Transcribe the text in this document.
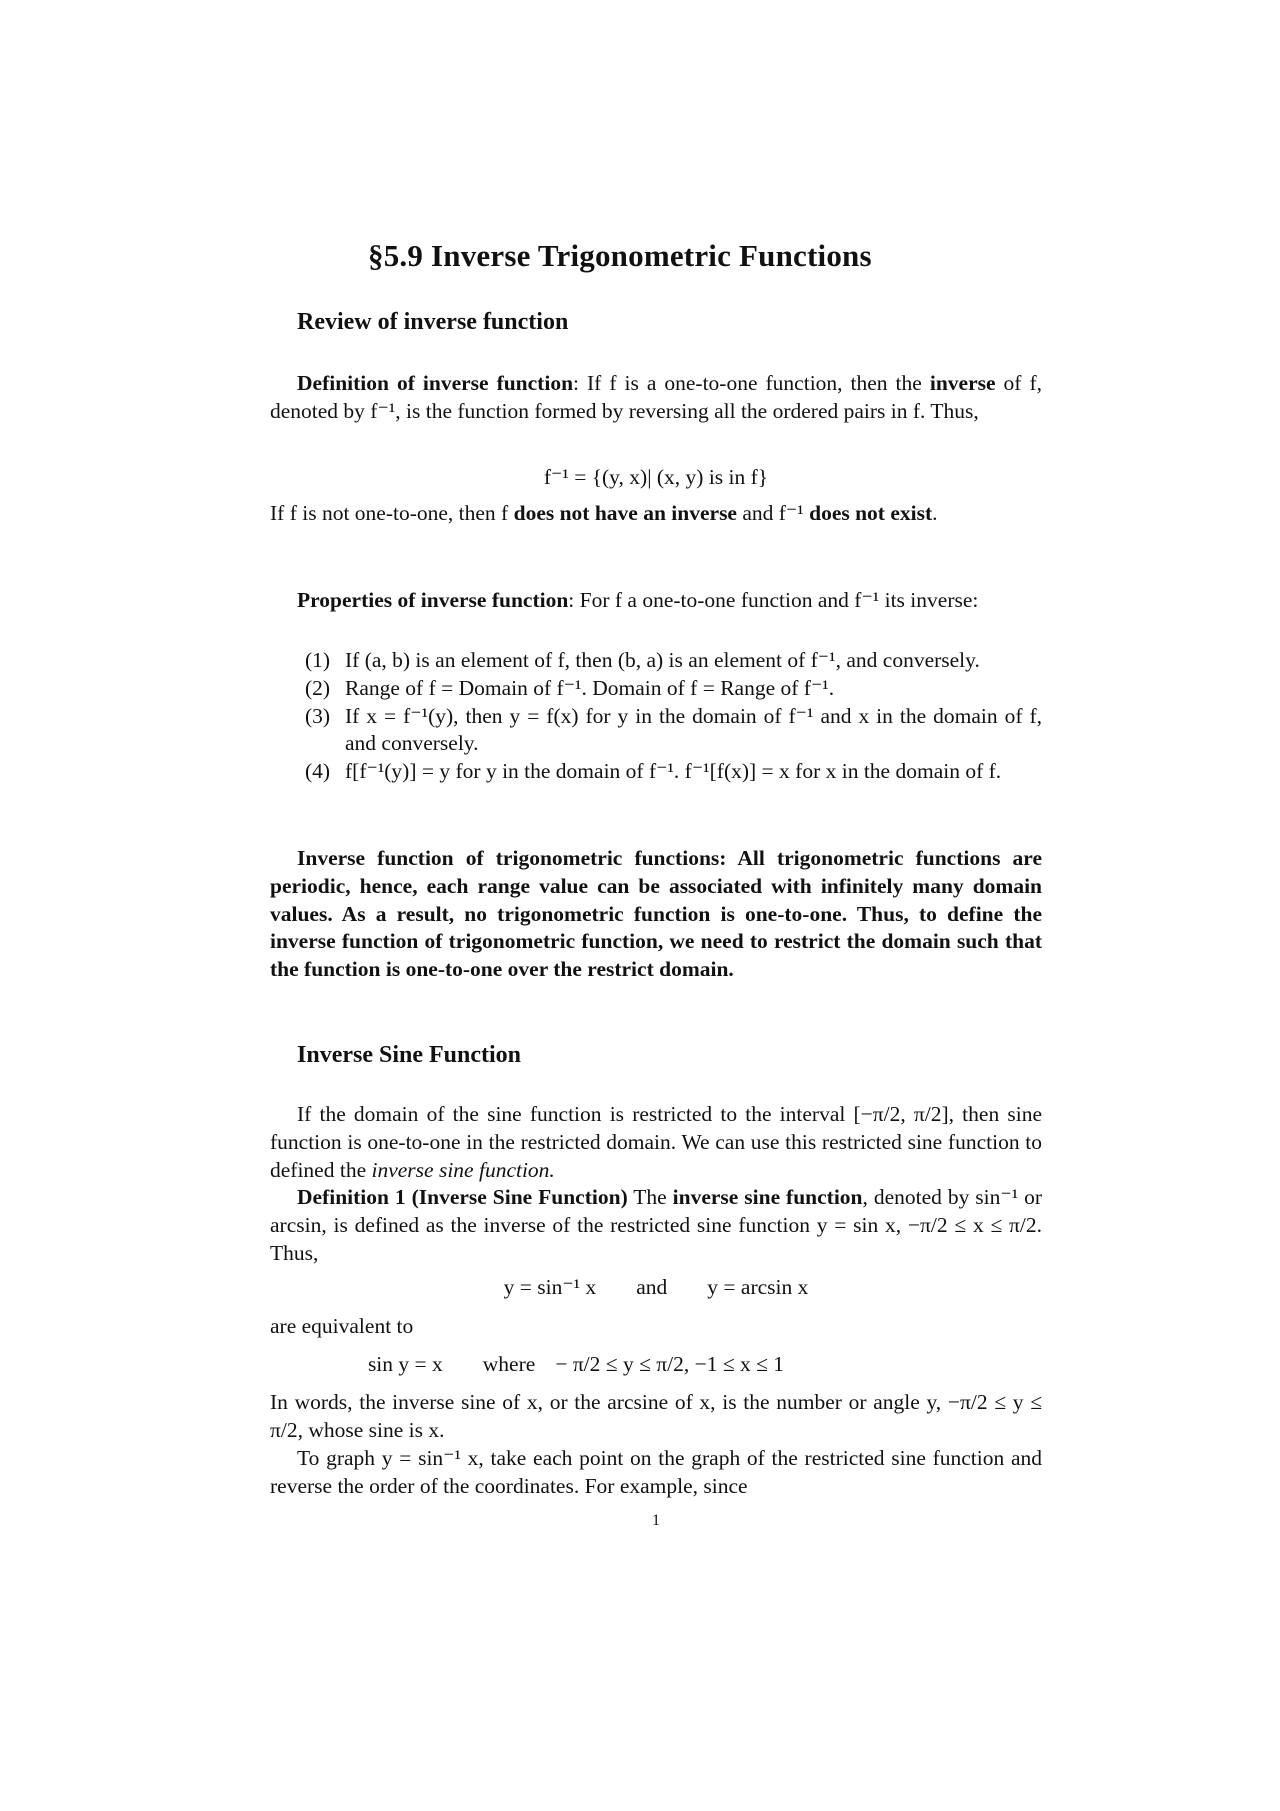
§5.9 Inverse Trigonometric Functions
Review of inverse function
Definition of inverse function: If f is a one-to-one function, then the inverse of f, denoted by f⁻¹, is the function formed by reversing all the ordered pairs in f. Thus,
f⁻¹ = {(y, x)| (x, y) is in f}
If f is not one-to-one, then f does not have an inverse and f⁻¹ does not exist.
Properties of inverse function: For f a one-to-one function and f⁻¹ its inverse:
(1) If (a, b) is an element of f, then (b, a) is an element of f⁻¹, and conversely.
(2) Range of f = Domain of f⁻¹. Domain of f = Range of f⁻¹.
(3) If x = f⁻¹(y), then y = f(x) for y in the domain of f⁻¹ and x in the domain of f, and conversely.
(4) f[f⁻¹(y)] = y for y in the domain of f⁻¹. f⁻¹[f(x)] = x for x in the domain of f.
Inverse function of trigonometric functions: All trigonometric functions are periodic, hence, each range value can be associated with infinitely many domain values. As a result, no trigonometric function is one-to-one. Thus, to define the inverse function of trigonometric function, we need to restrict the domain such that the function is one-to-one over the restrict domain.
Inverse Sine Function
If the domain of the sine function is restricted to the interval [−π/2, π/2], then sine function is one-to-one in the restricted domain. We can use this restricted sine function to defined the inverse sine function.
Definition 1 (Inverse Sine Function) The inverse sine function, denoted by sin⁻¹ or arcsin, is defined as the inverse of the restricted sine function y = sin x, −π/2 ≤ x ≤ π/2. Thus,
y = sin⁻¹ x and y = arcsin x
are equivalent to
sin y = x where − π/2 ≤ y ≤ π/2, −1 ≤ x ≤ 1
In words, the inverse sine of x, or the arcsine of x, is the number or angle y, −π/2 ≤ y ≤ π/2, whose sine is x.
To graph y = sin⁻¹ x, take each point on the graph of the restricted sine function and reverse the order of the coordinates. For example, since
1
